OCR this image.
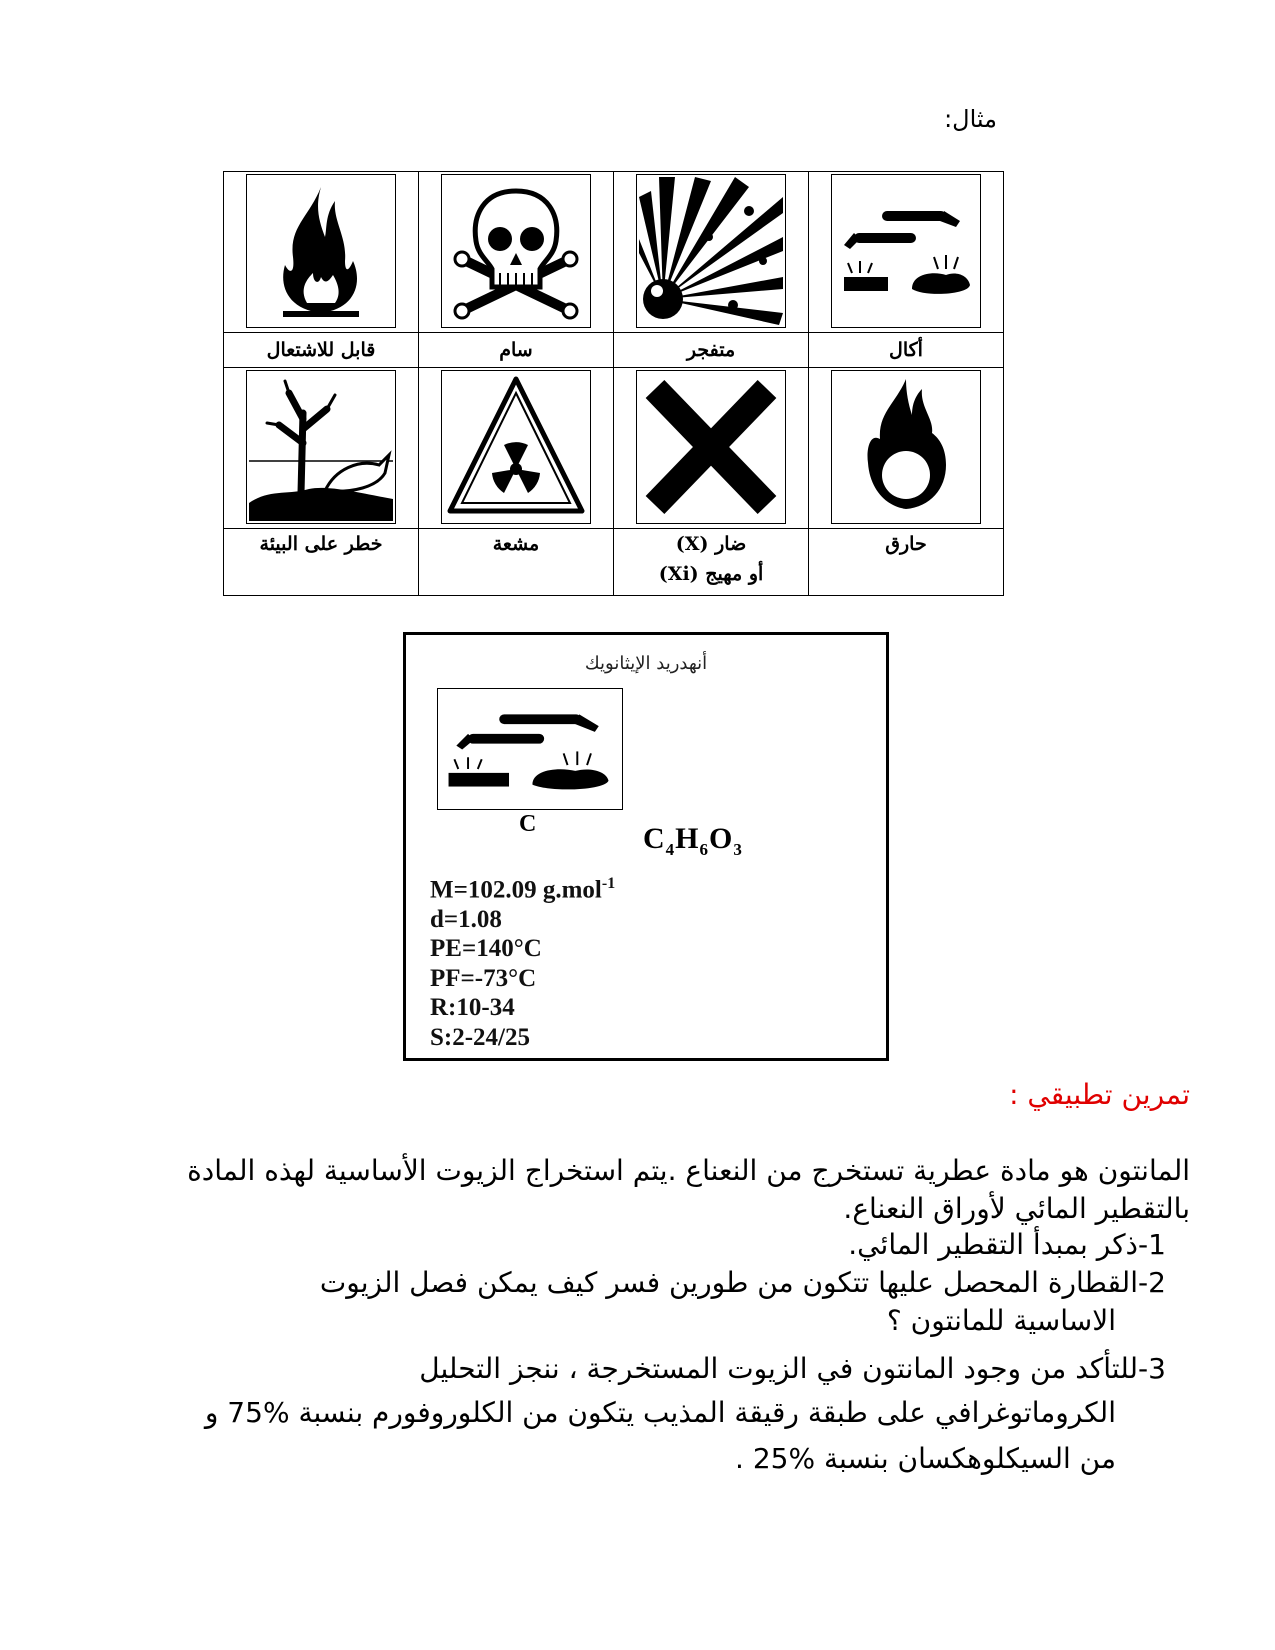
مثال:

قابل للاشتعال	سام	متفجر	أكال

خطر على البيئة	مشعة	ضار (X)
أو مهيج (Xi)	حارق
أنهدريد الإيثانويك
C	$C_4H_6O_3$
M=102.09 g.mol$^{-1}$
d=1.08
PE=140°C
PF=-73°C
R:10-34
S:2-24/25
تمرين تطبيقي :
المانتون هو مادة عطرية تستخرج من النعناع .يتم استخراج الزيوت الأساسية لهذه المادة بالتقطير المائي لأوراق النعناع.
-1ذكر بمبدأ التقطير المائي.
-2القطارة المحصل عليها تتكون من طورين فسر كيف يمكن فصل الزيوت
الاساسية للمانتون ؟
-3للتأكد من وجود المانتون في الزيوت المستخرجة ، ننجز التحليل
الكروماتوغرافي على طبقة رقيقة المذيب يتكون من الكلوروفورم بنسبة %75 و
من السيكلوهكسان بنسبة %25 .
